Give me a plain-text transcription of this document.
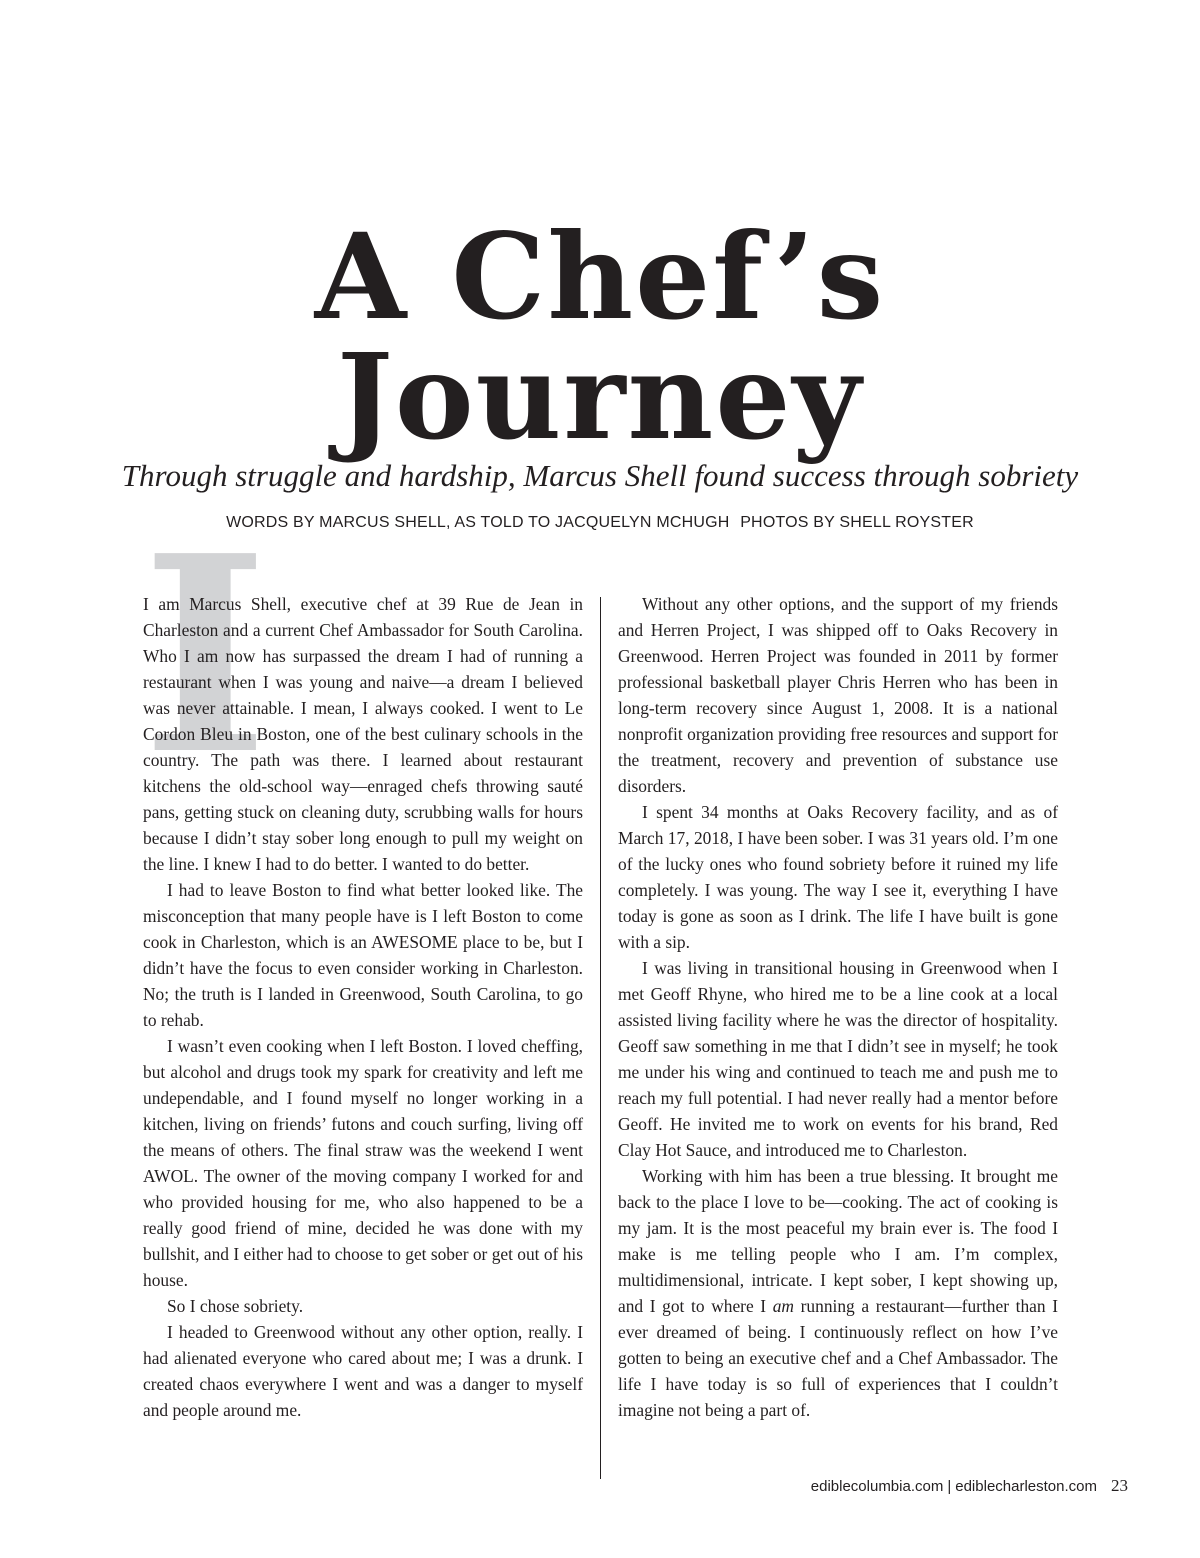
A Chef’s
Journey
Through struggle and hardship, Marcus Shell found success through sobriety
WORDS BY MARCUS SHELL, AS TOLD TO JACQUELYN MCHUGH PHOTOS BY SHELL ROYSTER
I

I am Marcus Shell, executive chef at 39 Rue de Jean in Charleston and a current Chef Ambassador for South Carolina. Who I am now has surpassed the dream I had of running a restaurant when I was young and naive—a dream I believed was never attainable. I mean, I always cooked. I went to Le Cordon Bleu in Boston, one of the best culinary schools in the country. The path was there. I learned about restaurant kitchens the old-school way—enraged chefs throwing sauté pans, getting stuck on cleaning duty, scrubbing walls for hours because I didn’t stay sober long enough to pull my weight on the line. I knew I had to do better. I wanted to do better.

I had to leave Boston to find what better looked like. The misconception that many people have is I left Boston to come cook in Charleston, which is an AWESOME place to be, but I didn’t have the focus to even consider working in Charleston. No; the truth is I landed in Greenwood, South Carolina, to go to rehab.

I wasn’t even cooking when I left Boston. I loved cheffing, but alcohol and drugs took my spark for creativity and left me undependable, and I found myself no longer working in a kitchen, living on friends’ futons and couch surfing, living off the means of others. The final straw was the weekend I went AWOL. The owner of the moving company I worked for and who provided housing for me, who also happened to be a really good friend of mine, decided he was done with my bullshit, and I either had to choose to get sober or get out of his house.

So I chose sobriety.

I headed to Greenwood without any other option, really. I had alienated everyone who cared about me; I was a drunk. I created chaos everywhere I went and was a danger to myself and people around me.

Without any other options, and the support of my friends and Herren Project, I was shipped off to Oaks Recovery in Greenwood. Herren Project was founded in 2011 by former professional basketball player Chris Herren who has been in long-term recovery since August 1, 2008. It is a national nonprofit organization providing free resources and support for the treatment, recovery and prevention of substance use disorders.

I spent 34 months at Oaks Recovery facility, and as of March 17, 2018, I have been sober. I was 31 years old. I’m one of the lucky ones who found sobriety before it ruined my life completely. I was young. The way I see it, everything I have today is gone as soon as I drink. The life I have built is gone with a sip.

I was living in transitional housing in Greenwood when I met Geoff Rhyne, who hired me to be a line cook at a local assisted living facility where he was the director of hospitality. Geoff saw something in me that I didn’t see in myself; he took me under his wing and continued to teach me and push me to reach my full potential. I had never really had a mentor before Geoff. He invited me to work on events for his brand, Red Clay Hot Sauce, and introduced me to Charleston.

Working with him has been a true blessing. It brought me back to the place I love to be—cooking. The act of cooking is my jam. It is the most peaceful my brain ever is. The food I make is me telling people who I am. I’m complex, multidimensional, intricate. I kept sober, I kept showing up, and I got to where I am running a restaurant—further than I ever dreamed of being. I continuously reflect on how I’ve gotten to being an executive chef and a Chef Ambassador. The life I have today is so full of experiences that I couldn’t imagine not being a part of.

ediblecolumbia.com | ediblecharleston.com 23
